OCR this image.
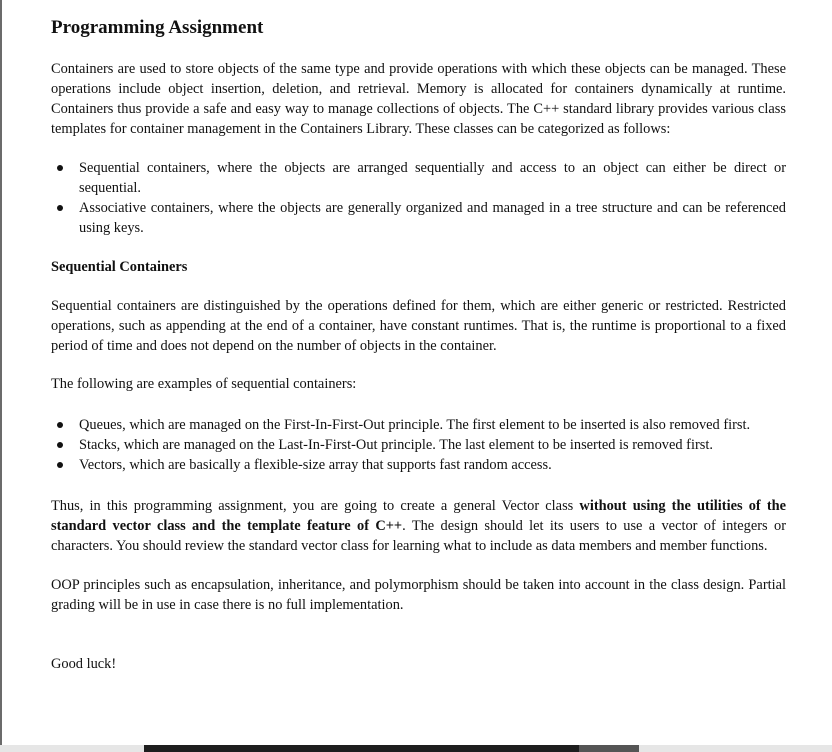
Programming Assignment

Containers are used to store objects of the same type and provide operations with which these objects can be managed. These operations include object insertion, deletion, and retrieval. Memory is allocated for containers dynamically at runtime. Containers thus provide a safe and easy way to manage collections of objects. The C++ standard library provides various class templates for container management in the Containers Library. These classes can be categorized as follows:

Sequential containers, where the objects are arranged sequentially and access to an object can either be direct or sequential.
Associative containers, where the objects are generally organized and managed in a tree structure and can be referenced using keys.
Sequential Containers

Sequential containers are distinguished by the operations defined for them, which are either generic or restricted. Restricted operations, such as appending at the end of a container, have constant runtimes. That is, the runtime is proportional to a fixed period of time and does not depend on the number of objects in the container.

The following are examples of sequential containers:

Queues, which are managed on the First-In-First-Out principle. The first element to be inserted is also removed first.
Stacks, which are managed on the Last-In-First-Out principle. The last element to be inserted is removed first.
Vectors, which are basically a flexible-size array that supports fast random access.

Thus, in this programming assignment, you are going to create a general Vector class without using the utilities of the standard vector class and the template feature of C++. The design should let its users to use a vector of integers or characters. You should review the standard vector class for learning what to include as data members and member functions.

OOP principles such as encapsulation, inheritance, and polymorphism should be taken into account in the class design. Partial grading will be in use in case there is no full implementation.

Good luck!
